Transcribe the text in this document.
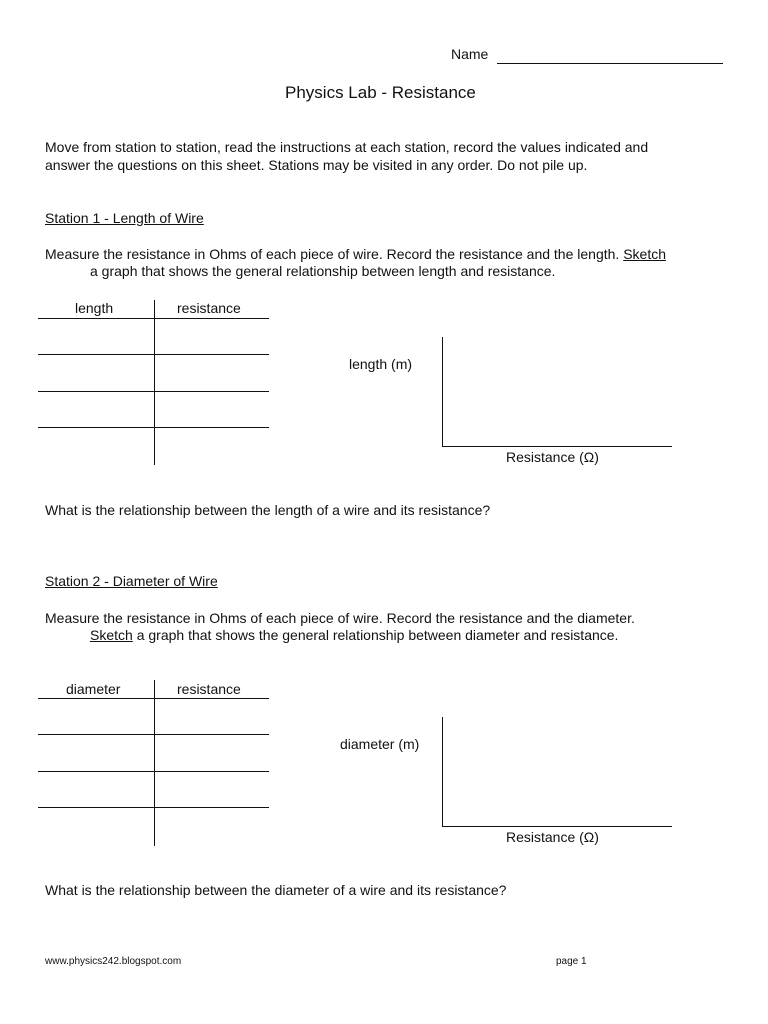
Name
Physics Lab - Resistance
Move from station to station, read the instructions at each station, record the values indicated and
answer the questions on this sheet. Stations may be visited in any order. Do not pile up.
Station 1 - Length of Wire
Measure the resistance in Ohms of each piece of wire. Record the resistance and the length. Sketch
a graph that shows the general relationship between length and resistance.
length	resistance
length (m)
Resistance (Ω)
What is the relationship between the length of a wire and its resistance?
Station 2 - Diameter of Wire
Measure the resistance in Ohms of each piece of wire. Record the resistance and the diameter.
Sketch a graph that shows the general relationship between diameter and resistance.
diameter	resistance
diameter (m)
Resistance (Ω)
What is the relationship between the diameter of a wire and its resistance?
www.physics242.blogspot.com	page 1
